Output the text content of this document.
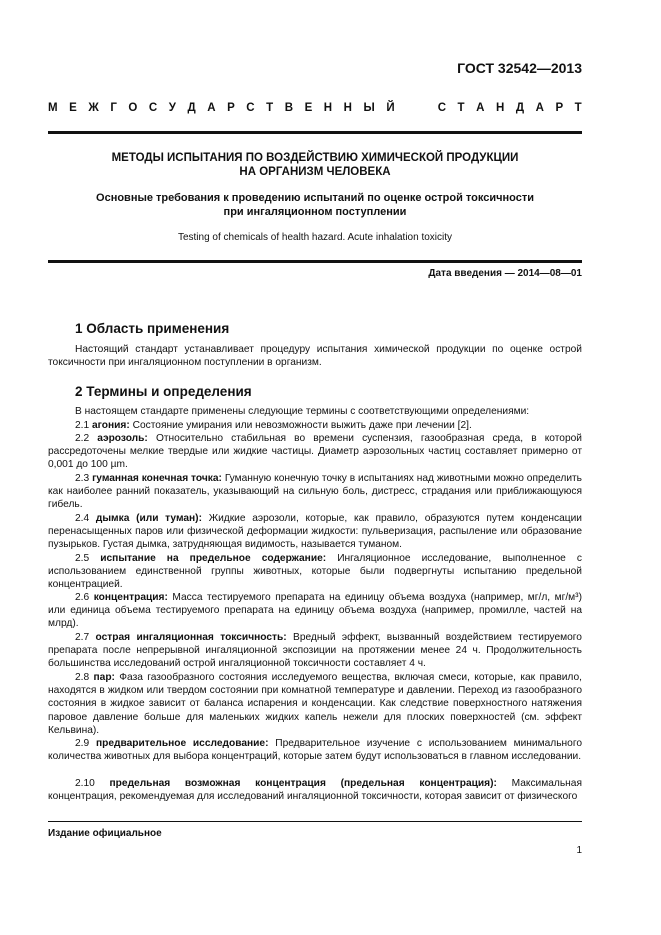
ГОСТ 32542—2013
М Е Ж Г О С У Д А Р С Т В Е Н Н Ы Й	С Т А Н Д А Р Т
МЕТОДЫ ИСПЫТАНИЯ ПО ВОЗДЕЙСТВИЮ ХИМИЧЕСКОЙ ПРОДУКЦИИ
НА ОРГАНИЗМ ЧЕЛОВЕКА
Основные требования к проведению испытаний по оценке острой токсичности
при ингаляционном поступлении
Testing of chemicals of health hazard. Acute inhalation toxicity
Дата введения — 2014—08—01
1 Область применения
Настоящий стандарт устанавливает процедуру испытания химической продукции по оценке острой токсичности при ингаляционном поступлении в организм.
2 Термины и определения
В настоящем стандарте применены следующие термины с соответствующими определениями:
2.1 агония: Состояние умирания или невозможности выжить даже при лечении [2].
2.2 аэрозоль: Относительно стабильная во времени суспензия, газообразная среда, в которой рассредоточены мелкие твердые или жидкие частицы. Диаметр аэрозольных частиц составляет примерно от 0,001 до 100 µm.
2.3 гуманная конечная точка: Гуманную конечную точку в испытаниях над животными можно определить как наиболее ранний показатель, указывающий на сильную боль, дистресс, страдания или приближающуюся гибель.
2.4 дымка (или туман): Жидкие аэрозоли, которые, как правило, образуются путем конденсации перенасыщенных паров или физической деформации жидкости: пульверизация, распыление или образование пузырьков. Густая дымка, затрудняющая видимость, называется туманом.
2.5 испытание на предельное содержание: Ингаляционное исследование, выполненное с использованием единственной группы животных, которые были подвергнуты испытанию предельной концентрацией.
2.6 концентрация: Масса тестируемого препарата на единицу объема воздуха (например, мг/л, мг/м³) или единица объема тестируемого препарата на единицу объема воздуха (например, промилле, частей на млрд).
2.7 острая ингаляционная токсичность: Вредный эффект, вызванный воздействием тестируемого препарата после непрерывной ингаляционной экспозиции на протяжении менее 24 ч. Продолжительность большинства исследований острой ингаляционной токсичности составляет 4 ч.
2.8 пар: Фаза газообразного состояния исследуемого вещества, включая смеси, которые, как правило, находятся в жидком или твердом состоянии при комнатной температуре и давлении. Переход из газообразного состояния в жидкое зависит от баланса испарения и конденсации. Как следствие поверхностного натяжения паровое давление больше для маленьких жидких капель нежели для плоских поверхностей (см. эффект Кельвина).
2.9 предварительное исследование: Предварительное изучение с использованием минимального количества животных для выбора концентраций, которые затем будут использоваться в главном исследовании.
2.10 предельная возможная концентрация (предельная концентрация): Максимальная концентрация, рекомендуемая для исследований ингаляционной токсичности, которая зависит от физического
Издание официальное
1
